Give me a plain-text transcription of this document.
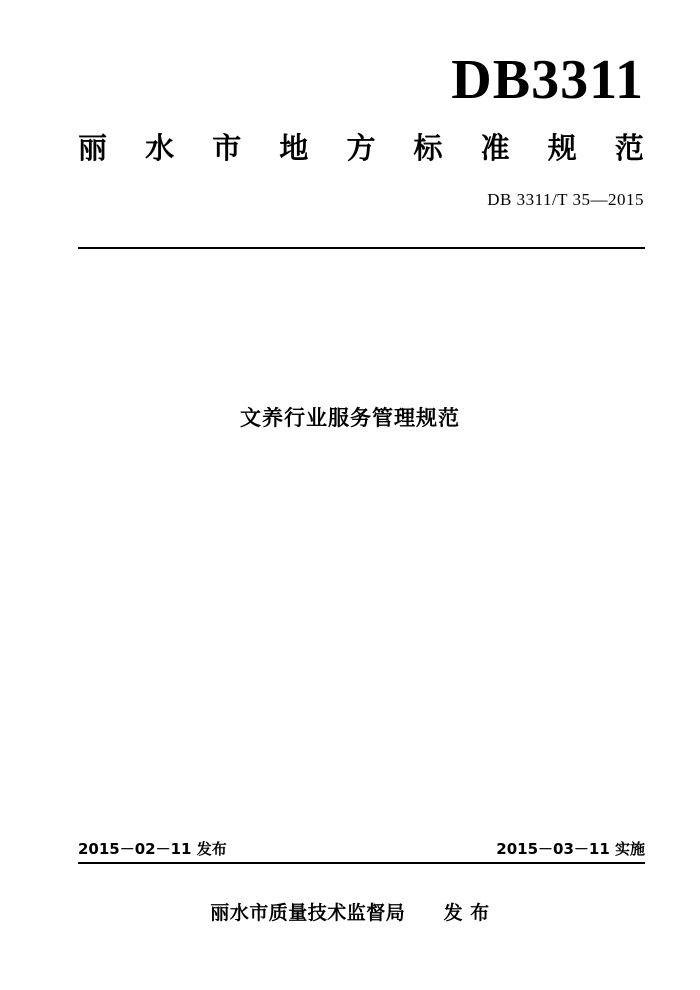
DB3311
丽 水 市 地 方 标 准 规 范
DB 3311/T 35—2015
文养行业服务管理规范
2015－02－11 发布	2015－03－11 实施
丽水市质量技术监督局 发 布
